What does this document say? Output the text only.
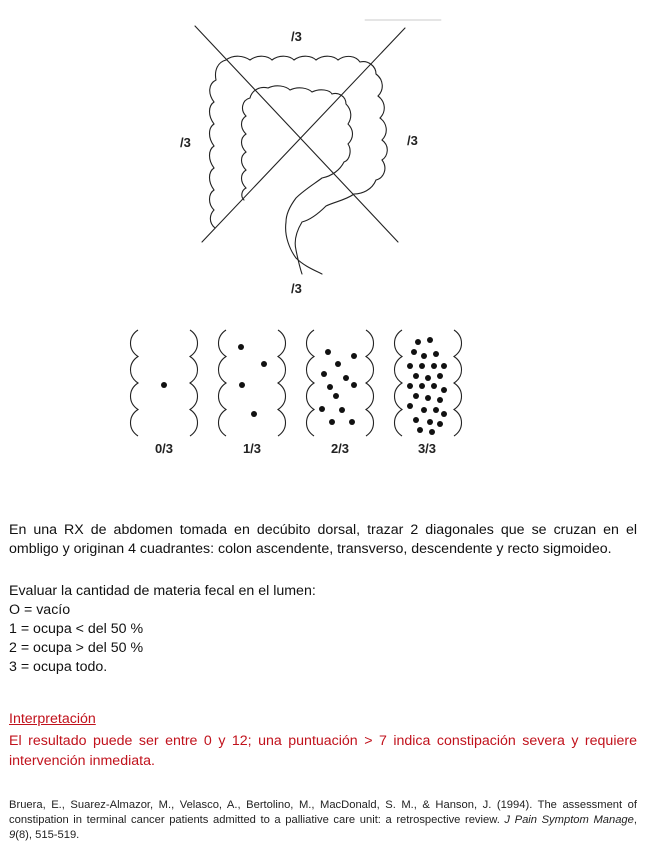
/3
/3	/3
/3
0/3	1/3	2/3	3/3

En una RX de abdomen tomada en decúbito dorsal, trazar 2 diagonales que se cruzan en el ombligo y originan 4 cuadrantes: colon ascendente, transverso, descendente y recto sigmoideo.

Evaluar la cantidad de materia fecal en el lumen:
O = vacío
1 = ocupa < del 50 %
2 = ocupa > del 50 %
3 = ocupa todo.
Interpretación
El resultado puede ser entre 0 y 12; una puntuación > 7 indica constipación severa y requiere intervención inmediata.
Bruera, E., Suarez-Almazor, M., Velasco, A., Bertolino, M., MacDonald, S. M., & Hanson, J. (1994). The assessment of constipation in terminal cancer patients admitted to a palliative care unit: a retrospective review. J Pain Symptom Manage, 9(8), 515-519.
